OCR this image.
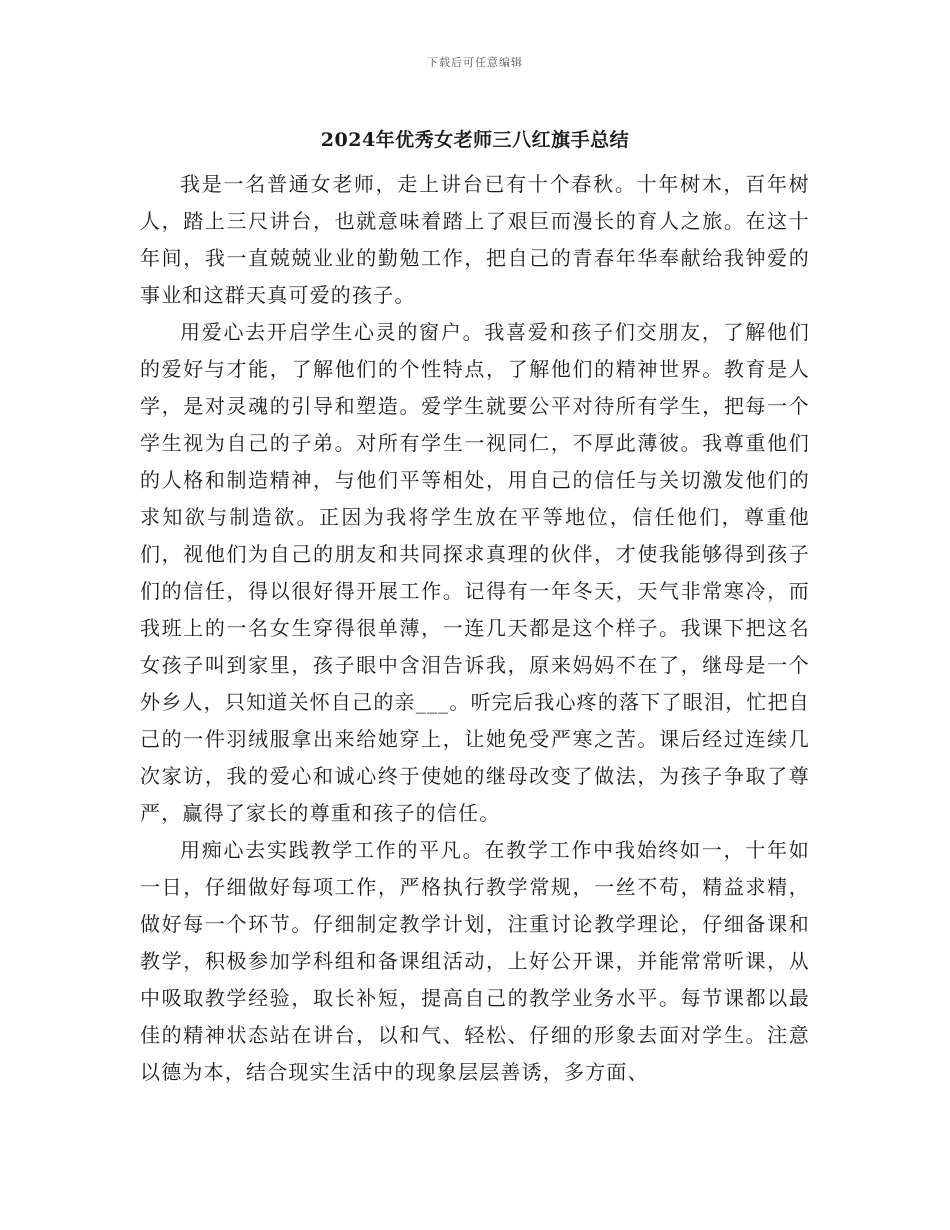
下载后可任意编辑
2024年优秀女老师三八红旗手总结

我是一名普通女老师，走上讲台已有十个春秋。十年树木，百年树人，踏上三尺讲台，也就意味着踏上了艰巨而漫长的育人之旅。在这十年间，我一直兢兢业业的勤勉工作，把自己的青春年华奉献给我钟爱的事业和这群天真可爱的孩子。

用爱心去开启学生心灵的窗户。我喜爱和孩子们交朋友，了解他们的爱好与才能，了解他们的个性特点，了解他们的精神世界。教育是人学，是对灵魂的引导和塑造。爱学生就要公平对待所有学生，把每一个学生视为自己的子弟。对所有学生一视同仁，不厚此薄彼。我尊重他们的人格和制造精神，与他们平等相处，用自己的信任与关切激发他们的求知欲与制造欲。正因为我将学生放在平等地位，信任他们，尊重他们，视他们为自己的朋友和共同探求真理的伙伴，才使我能够得到孩子们的信任，得以很好得开展工作。记得有一年冬天，天气非常寒冷，而我班上的一名女生穿得很单薄，一连几天都是这个样子。我课下把这名女孩子叫到家里，孩子眼中含泪告诉我，原来妈妈不在了，继母是一个外乡人，只知道关怀自己的亲___。听完后我心疼的落下了眼泪，忙把自己的一件羽绒服拿出来给她穿上，让她免受严寒之苦。课后经过连续几次家访，我的爱心和诚心终于使她的继母改变了做法，为孩子争取了尊严，赢得了家长的尊重和孩子的信任。

用痴心去实践教学工作的平凡。在教学工作中我始终如一，十年如一日，仔细做好每项工作，严格执行教学常规，一丝不苟，精益求精，做好每一个环节。仔细制定教学计划，注重讨论教学理论，仔细备课和教学，积极参加学科组和备课组活动，上好公开课，并能常常听课，从中吸取教学经验，取长补短，提高自己的教学业务水平。每节课都以最佳的精神状态站在讲台，以和气、轻松、仔细的形象去面对学生。注意以德为本，结合现实生活中的现象层层善诱，多方面、
